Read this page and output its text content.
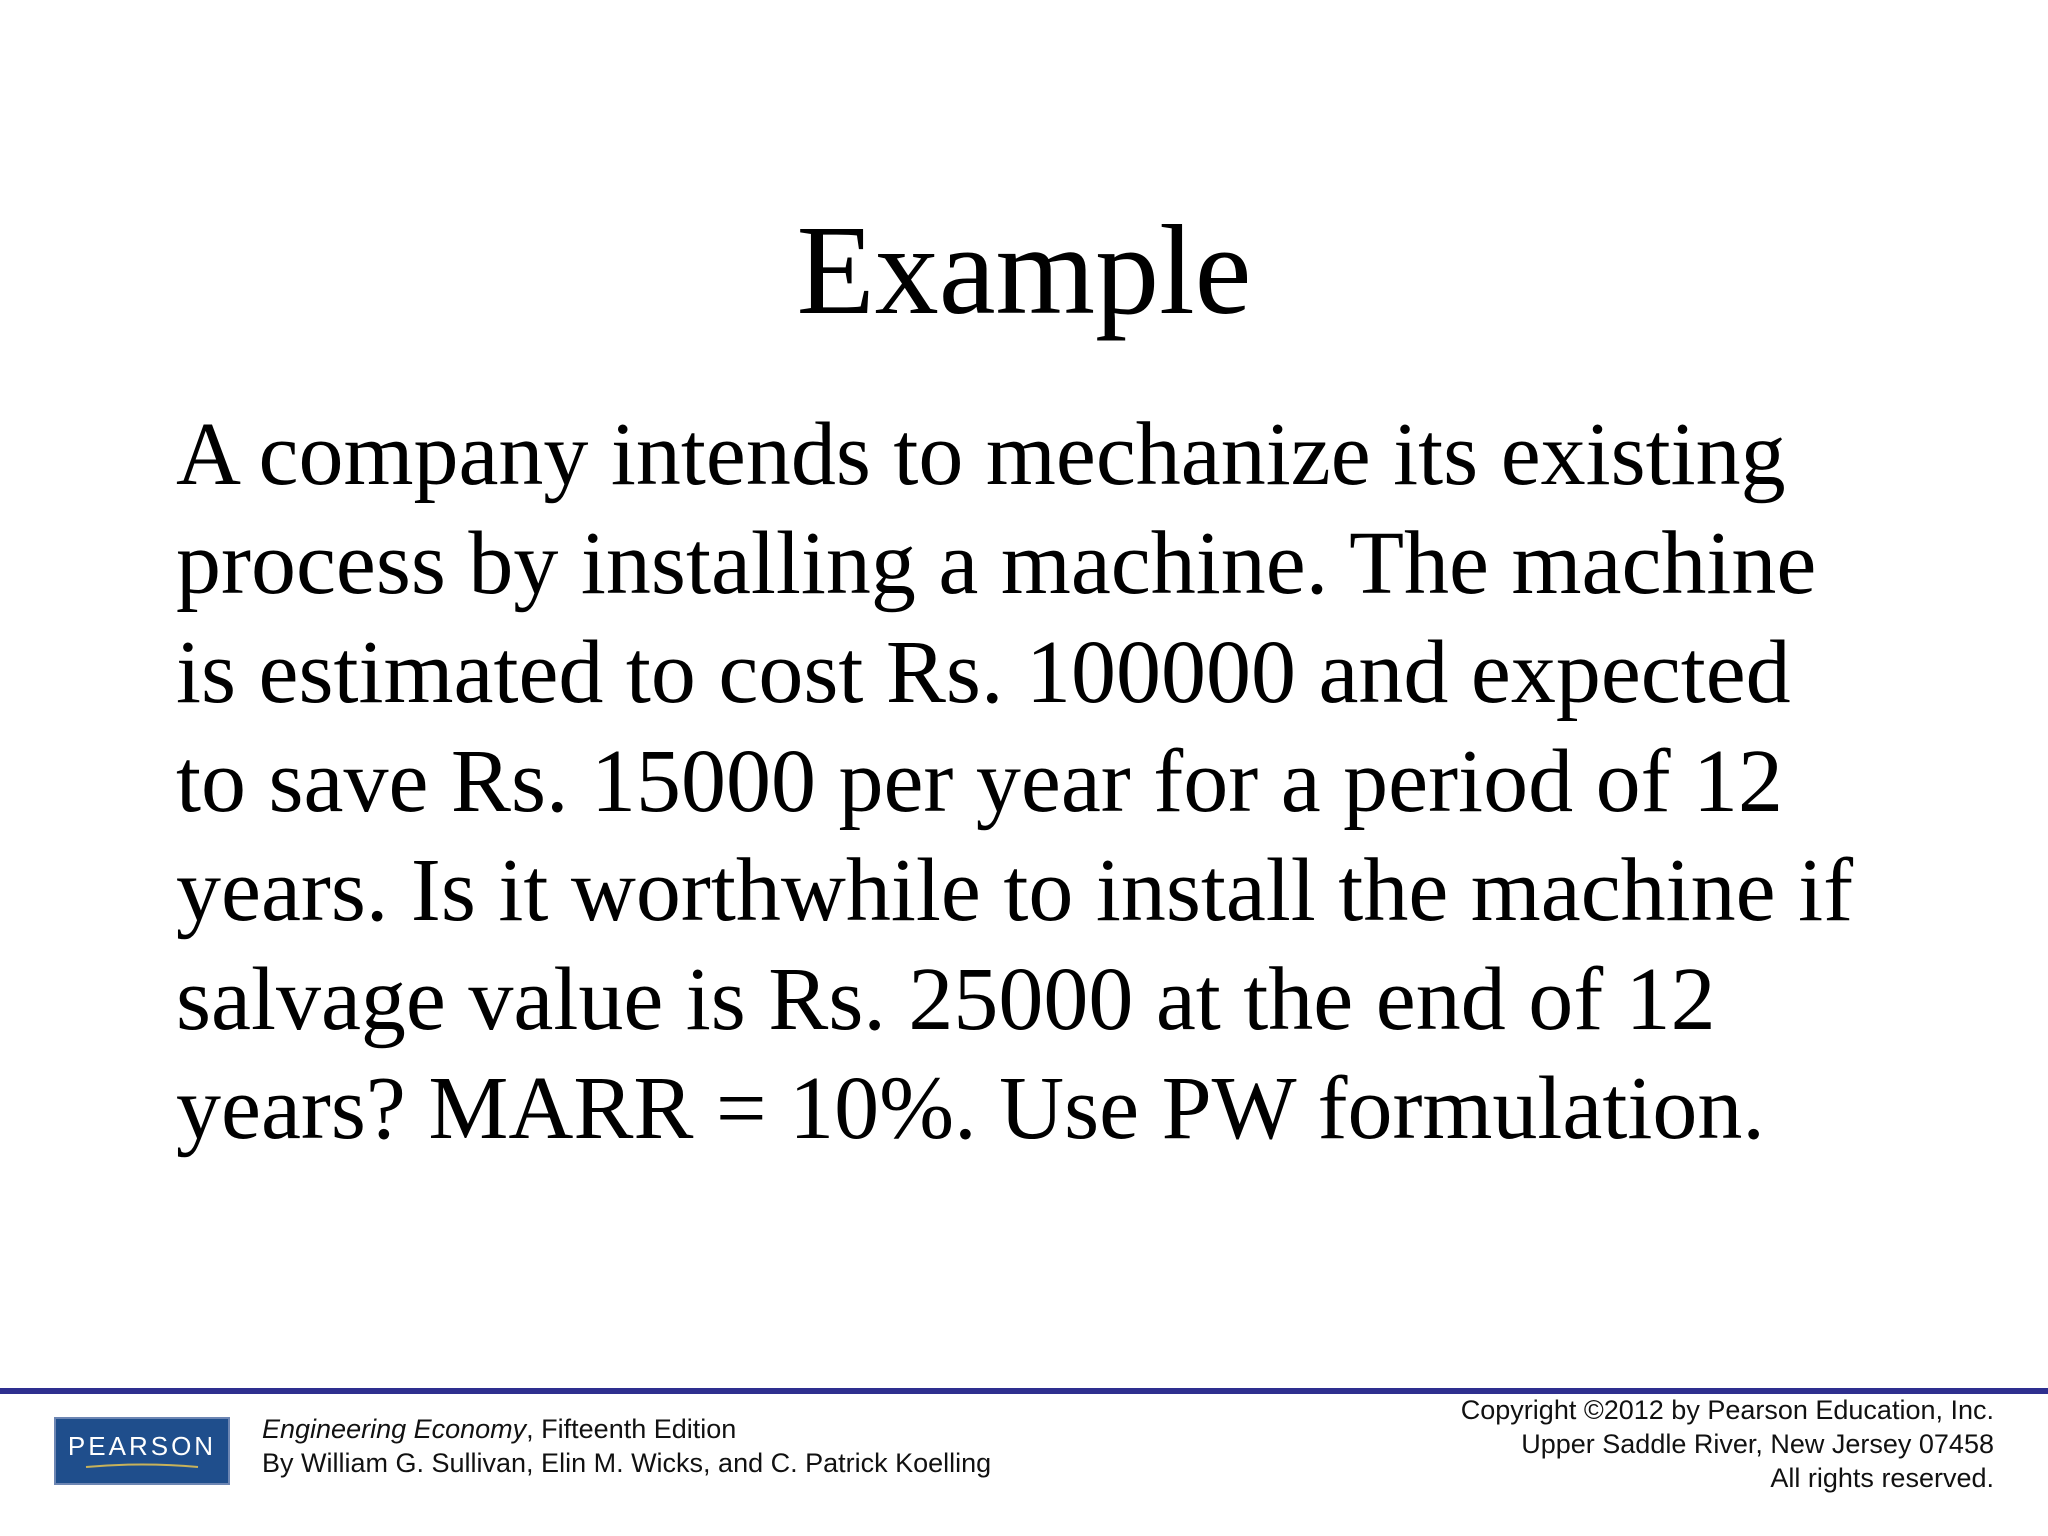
Example
A company intends to mechanize its existing
process by installing a machine. The machine
is estimated to cost Rs. 100000 and expected
to save Rs. 15000 per year for a period of 12
years. Is it worthwhile to install the machine if
salvage value is Rs. 25000 at the end of 12
years? MARR = 10%. Use PW formulation.
PEARSON
Engineering Economy, Fifteenth Edition
By William G. Sullivan, Elin M. Wicks, and C. Patrick Koelling
Copyright ©2012 by Pearson Education, Inc.
Upper Saddle River, New Jersey 07458
All rights reserved.
